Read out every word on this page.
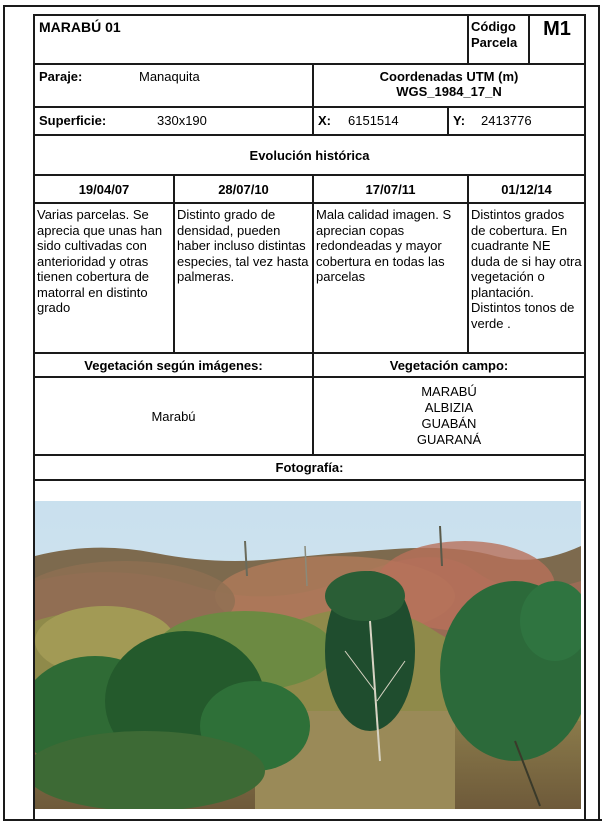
MARABÚ 01				Código
Parcela	M1
Paraje: Manaquita		Coordenadas UTM (m)
WGS_1984_17_N			

Superficie: 330x190		X: 6151514	Y: 2413776		
Evolución histórica					
19/04/07	28/07/10	17/07/11		01/12/14	
Varias parcelas. Se aprecia que unas han sido cultivadas con anterioridad y otras tienen cobertura de matorral en distinto grado	Distinto grado de densidad, pueden haber incluso distintas especies, tal vez hasta palmeras.	Mala calidad imagen. S aprecian copas redondeadas y mayor cobertura en todas las parcelas		Distintos grados de cobertura. En cuadrante NE duda de si hay otra vegetación o plantación. Distintos tonos de verde .	
Vegetación según imágenes:		Vegetación campo:			
Marabú		MARABÚ
ALBIZIA
GUABÁN
GUARANÁ			

Fotografía:					
